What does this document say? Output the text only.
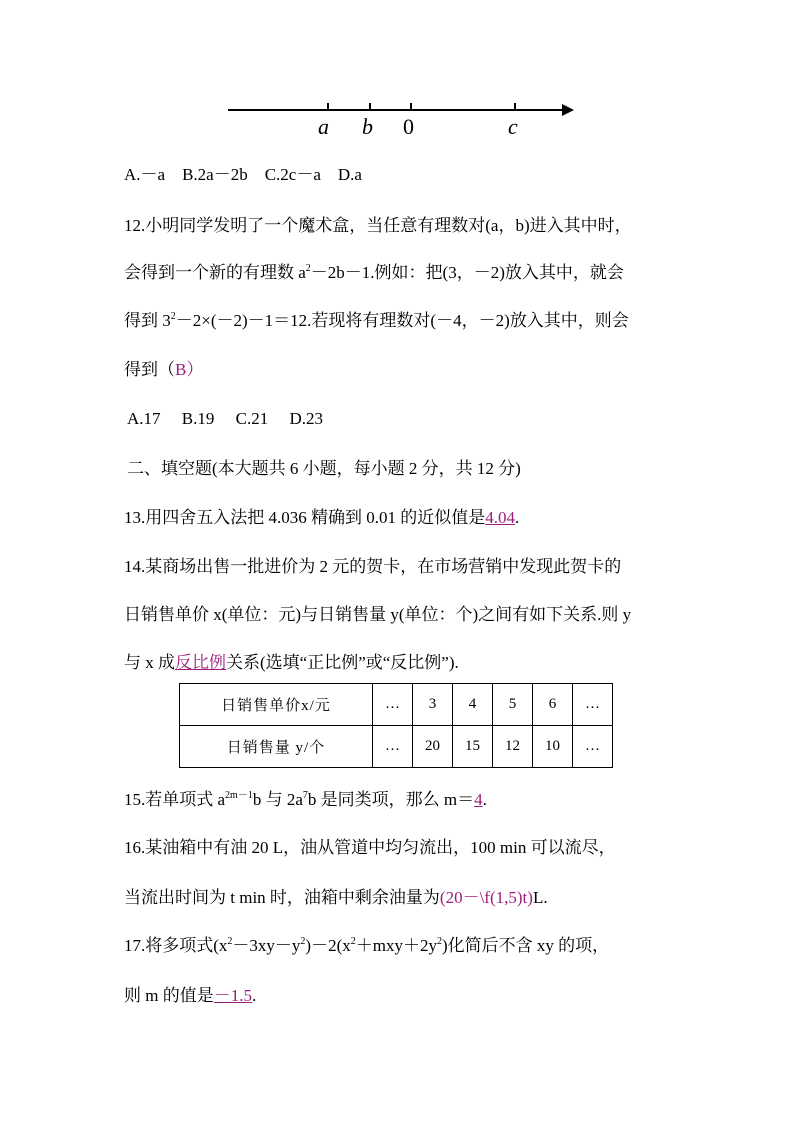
a b 0	c
A.－a　B.2a－2b　C.2c－a　D.a
12.小明同学发明了一个魔术盒，当任意有理数对(a，b)进入其中时，
会得到一个新的有理数 $a^2-2b-1$.例如：把(3，－2)放入其中，就会
得到 $3^2-2\times(-2)-1=12$.若现将有理数对(－4，－2)放入其中，则会
得到（B）
A.17　 B.19　 C.21　 D.23
二、填空题(本大题共 6 小题，每小题 2 分，共 12 分)
13.用四舍五入法把 4.036 精确到 0.01 的近似值是4.04.
14.某商场出售一批进价为 2 元的贺卡，在市场营销中发现此贺卡的
日销售单价 x(单位：元)与日销售量 y(单位：个)之间有如下关系.则 y
与 x 成反比例关系(选填“正比例”或“反比例”).
日销售单价x/元	…	3	4	5	6	…
日销售量 y/个	…	20	15	12	10	…
15.若单项式 $a^{2m-1}b$ 与 $2a^7b$ 是同类项，那么 m＝4.
16.某油箱中有油 20 L，油从管道中均匀流出，100 min 可以流尽，
当流出时间为 t min 时，油箱中剩余油量为(20－\f(1,5)t)L.
17.将多项式$(x^2-3xy-y^2)-2(x^2+mxy+2y^2)$化简后不含 xy 的项，
则 m 的值是－1.5.
